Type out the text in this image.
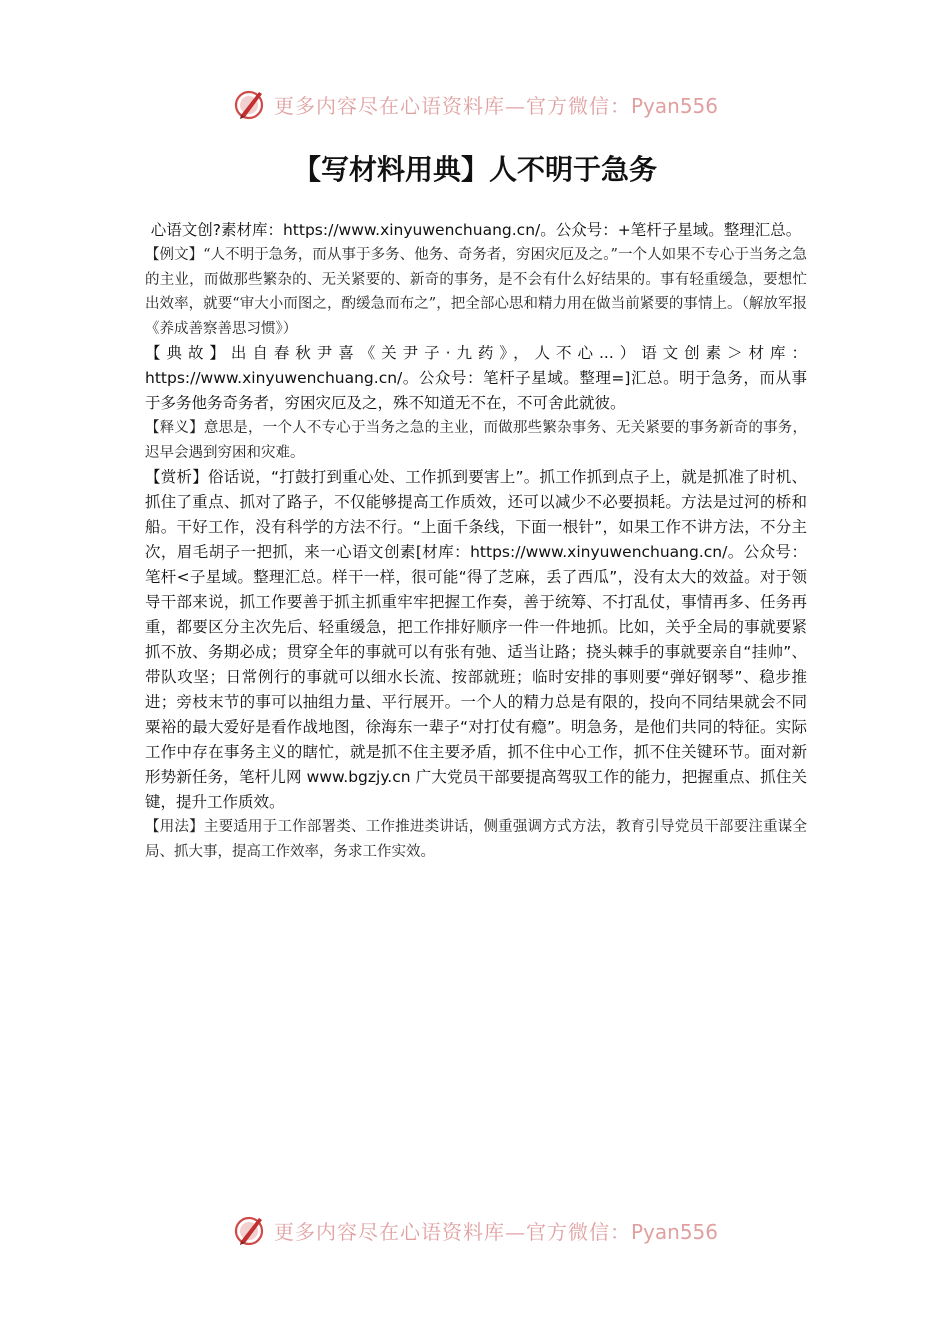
更多内容尽在心语资料库—官方微信：Pyan556
【写材料用典】人不明于急务

心语文创?素材库：https://www.xinyuwenchuang.cn/。公众号：+笔杆子星域。整理汇总。

【例文】“人不明于急务，而从事于多务、他务、奇务者，穷困灾厄及之。”一个人如果不专心于当务之急的主业，而做那些繁杂的、无关紧要的、新奇的事务，是不会有什么好结果的。事有轻重缓急，要想忙出效率，就要“审大小而图之，酌缓急而布之”，把全部心思和精力用在做当前紧要的事情上。（解放军报《养成善察善思习惯》）

【典故】出自春秋尹喜《关尹子·九药》，人不心...）语文创素＞材库：https://www.xinyuwenchuang.cn/。公众号：笔杆子星域。整理=]汇总。明于急务，而从事于多务他务奇务者，穷困灾厄及之，殊不知道无不在，不可舍此就彼。

【释义】意思是，一个人不专心于当务之急的主业，而做那些繁杂事务、无关紧要的事务新奇的事务，迟早会遇到穷困和灾难。

【赏析】俗话说，“打鼓打到重心处、工作抓到要害上”。抓工作抓到点子上，就是抓准了时机、抓住了重点、抓对了路子，不仅能够提高工作质效，还可以减少不必要损耗。方法是过河的桥和船。干好工作，没有科学的方法不行。“上面千条线，下面一根针”，如果工作不讲方法，不分主次，眉毛胡子一把抓，来一心语文创素[材库：https://www.xinyuwenchuang.cn/。公众号：笔杆<子星域。整理汇总。样干一样，很可能“得了芝麻，丢了西瓜”，没有太大的效益。对于领导干部来说，抓工作要善于抓主抓重牢牢把握工作奏，善于统筹、不打乱仗，事情再多、任务再重，都要区分主次先后、轻重缓急，把工作排好顺序一件一件地抓。比如，关乎全局的事就要紧抓不放、务期必成；贯穿全年的事就可以有张有弛、适当让路；挠头棘手的事就要亲自“挂帅”、带队攻坚；日常例行的事就可以细水长流、按部就班；临时安排的事则要“弹好钢琴”、稳步推进；旁枝末节的事可以抽组力量、平行展开。一个人的精力总是有限的，投向不同结果就会不同粟裕的最大爱好是看作战地图，徐海东一辈子“对打仗有瘾”。明急务，是他们共同的特征。实际工作中存在事务主义的瞎忙，就是抓不住主要矛盾，抓不住中心工作，抓不住关键环节。面对新形势新任务，笔杆儿网 www.bgzjy.cn 广大党员干部要提高驾驭工作的能力，把握重点、抓住关键，提升工作质效。

【用法】主要适用于工作部署类、工作推进类讲话，侧重强调方式方法，教育引导党员干部要注重谋全局、抓大事，提高工作效率，务求工作实效。

更多内容尽在心语资料库—官方微信：Pyan556
